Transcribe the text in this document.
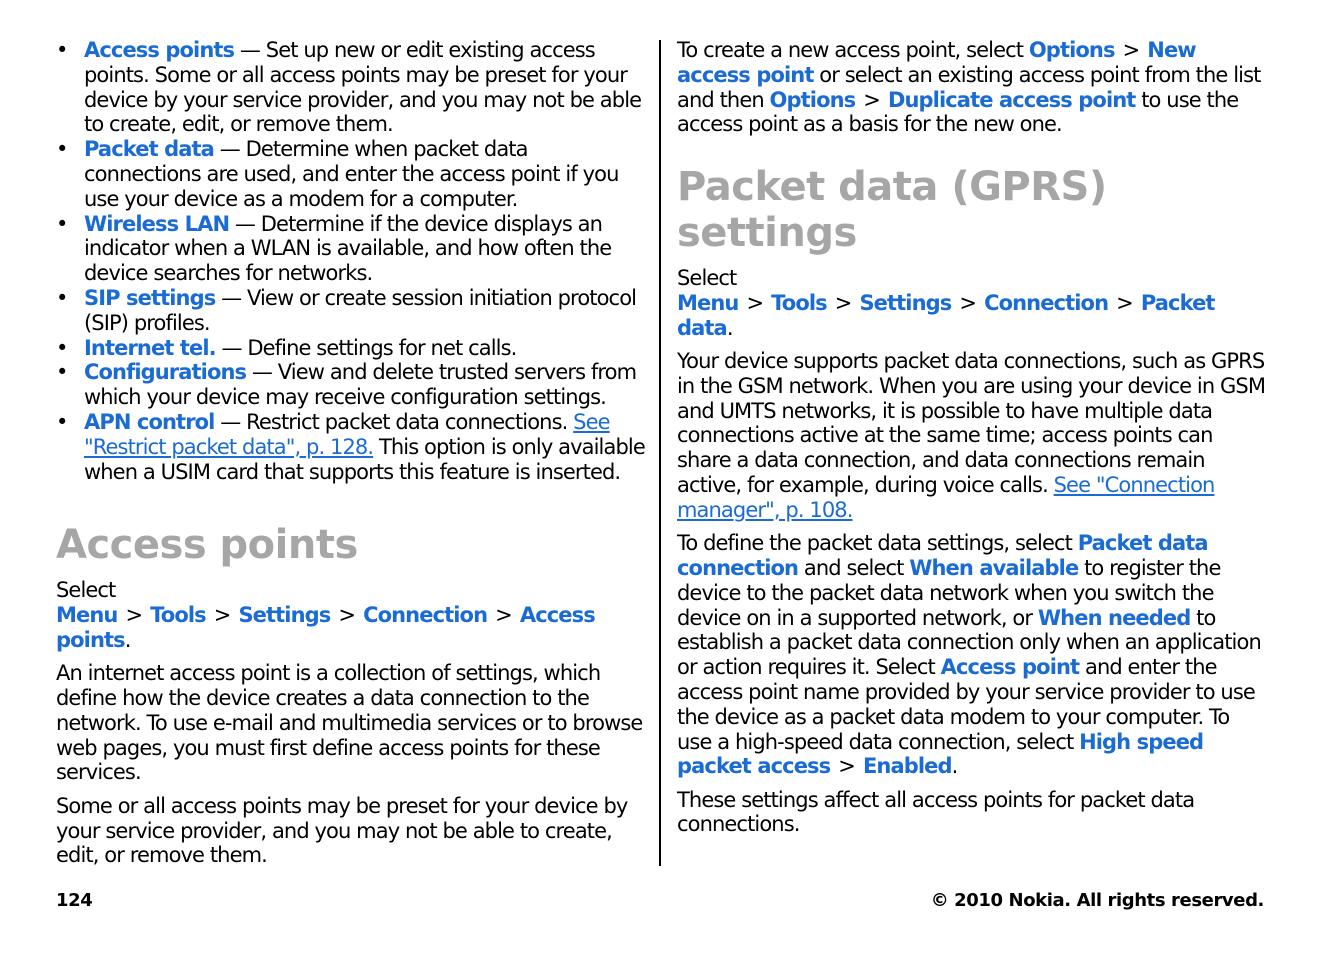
• Access points — Set up new or edit existing access points. Some or all access points may be preset for your device by your service provider, and you may not be able to create, edit, or remove them.
• Packet data — Determine when packet data connections are used, and enter the access point if you use your device as a modem for a computer.
• Wireless LAN — Determine if the device displays an indicator when a WLAN is available, and how often the device searches for networks.
• SIP settings — View or create session initiation protocol (SIP) profiles.
• Internet tel. — Define settings for net calls.
• Configurations — View and delete trusted servers from which your device may receive configuration settings.
• APN control — Restrict packet data connections. See "Restrict packet data", p. 128. This option is only available when a USIM card that supports this feature is inserted.
Access points

Select Menu > Tools > Settings > Connection > Access points.

An internet access point is a collection of settings, which define how the device creates a data connection to the network. To use e-mail and multimedia services or to browse web pages, you must first define access points for these services.

Some or all access points may be preset for your device by your service provider, and you may not be able to create, edit, or remove them.

To create a new access point, select Options > New access point or select an existing access point from the list and then Options > Duplicate access point to use the access point as a basis for the new one.

Packet data (GPRS) settings

Select Menu > Tools > Settings > Connection > Packet data.

Your device supports packet data connections, such as GPRS in the GSM network. When you are using your device in GSM and UMTS networks, it is possible to have multiple data connections active at the same time; access points can share a data connection, and data connections remain active, for example, during voice calls. See "Connection manager", p. 108.

To define the packet data settings, select Packet data connection and select When available to register the device to the packet data network when you switch the device on in a supported network, or When needed to establish a packet data connection only when an application or action requires it. Select Access point and enter the access point name provided by your service provider to use the device as a packet data modem to your computer. To use a high-speed data connection, select High speed packet access > Enabled.

These settings affect all access points for packet data connections.

124	© 2010 Nokia. All rights reserved.
